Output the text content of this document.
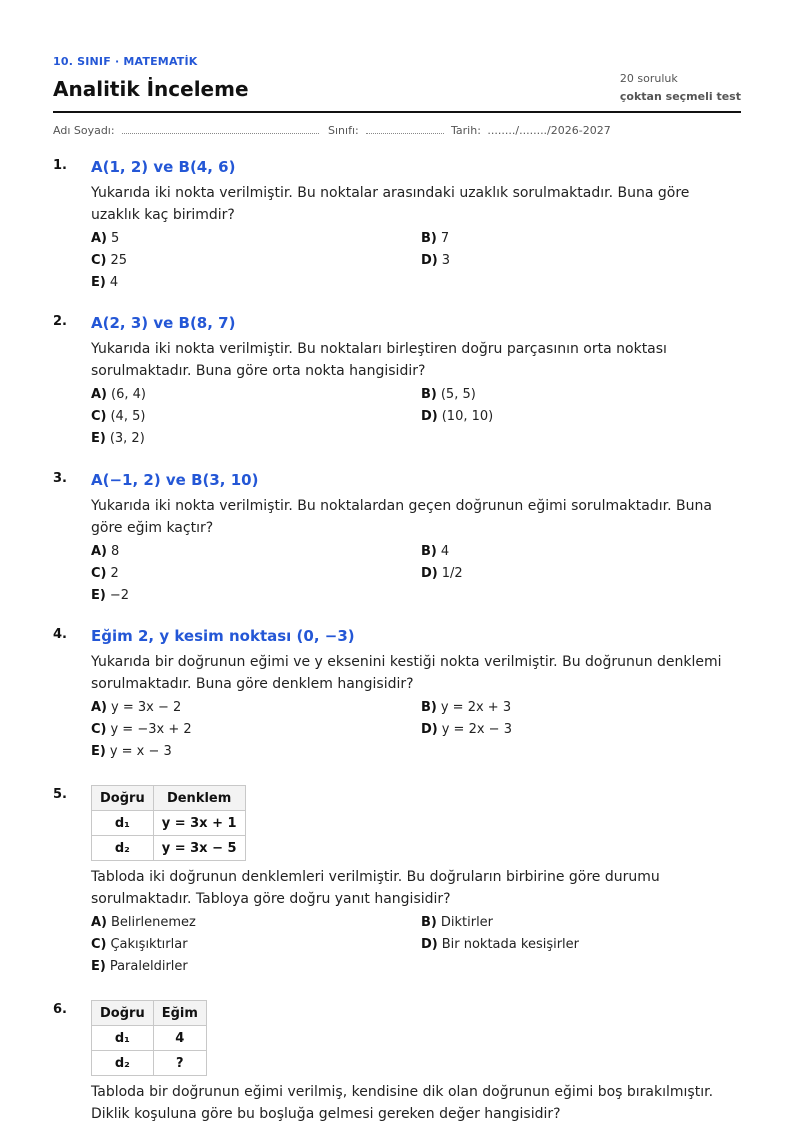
10. SINIF · MATEMATİK
Analitik İnceleme	20 soruluk
çoktan seçmeli test
Adı Soyadı:	Sınıfı:	Tarih: ......../......../2026-2027
1. A(1, 2) ve B(4, 6)
Yukarıda iki nokta verilmiştir. Bu noktalar arasındaki uzaklık sorulmaktadır. Buna göre uzaklık kaç birimdir?
A) 5	B) 7
C) 25	D) 3
E) 4
2. A(2, 3) ve B(8, 7)
Yukarıda iki nokta verilmiştir. Bu noktaları birleştiren doğru parçasının orta noktası sorulmaktadır. Buna göre orta nokta hangisidir?
A) (6, 4)	B) (5, 5)
C) (4, 5)	D) (10, 10)
E) (3, 2)
3. A(−1, 2) ve B(3, 10)
Yukarıda iki nokta verilmiştir. Bu noktalardan geçen doğrunun eğimi sorulmaktadır. Buna göre eğim kaçtır?
A) 8	B) 4
C) 2	D) 1/2
E) −2
4. Eğim 2, y kesim noktası (0, −3)
Yukarıda bir doğrunun eğimi ve y eksenini kestiği nokta verilmiştir. Bu doğrunun denklemi sorulmaktadır. Buna göre denklem hangisidir?
A) y = 3x − 2	B) y = 2x + 3
C) y = −3x + 2	D) y = 2x − 3
E) y = x − 3
5.	Doğru	Denklem
d₁	y = 3x + 1
d₂	y = 3x − 5
Tabloda iki doğrunun denklemleri verilmiştir. Bu doğruların birbirine göre durumu sorulmaktadır. Tabloya göre doğru yanıt hangisidir?
A) Belirlenemez	B) Diktirler
C) Çakışıktırlar	D) Bir noktada kesişirler
E) Paraleldirler
6.	Doğru	Eğim
d₁	4
d₂	?
Tabloda bir doğrunun eğimi verilmiş, kendisine dik olan doğrunun eğimi boş bırakılmıştır. Diklik koşuluna göre bu boşluğa gelmesi gereken değer hangisidir?
